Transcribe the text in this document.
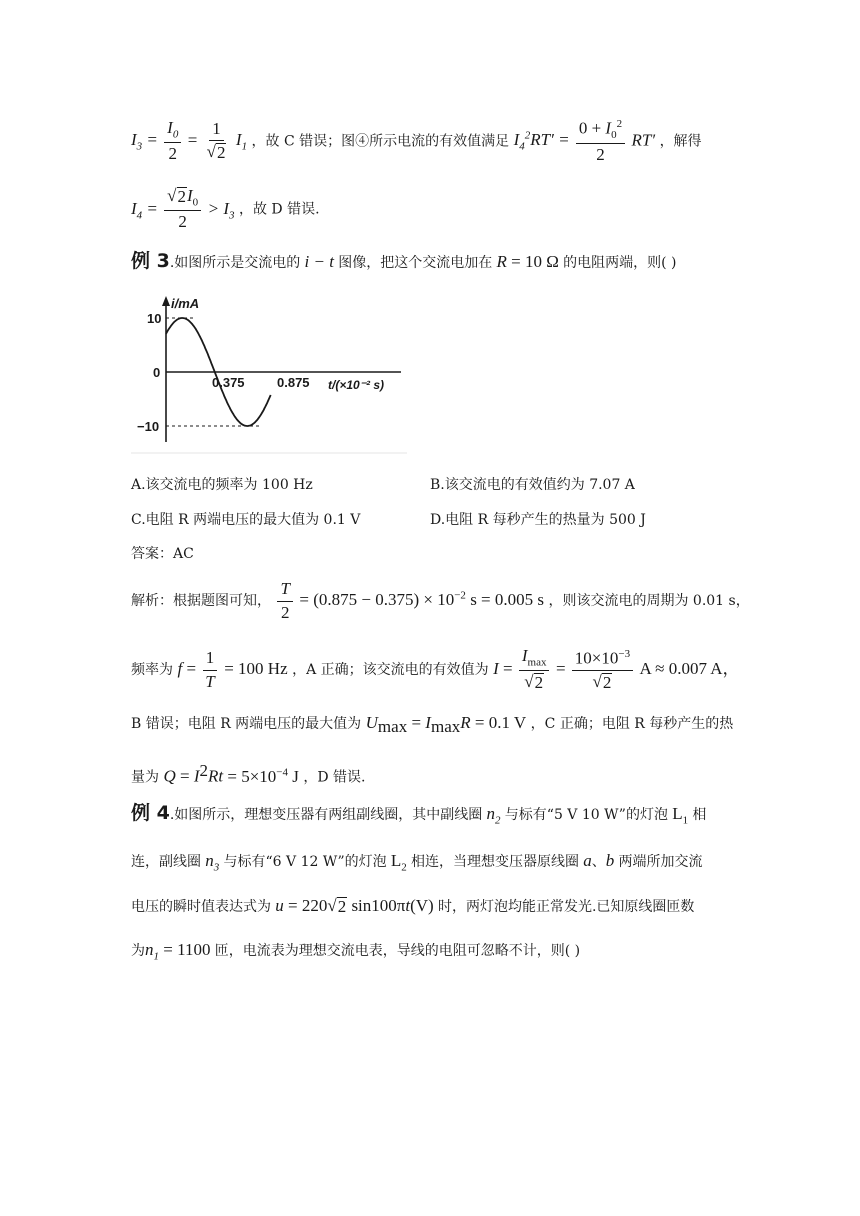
$I_3 = \frac{I_0}{2} = \frac{1}{√ 2} I_1$ ，故 C 错误；图④所示电流的有效值满足 $I_4^2RT' = \frac{0 + I_0^2}{2} RT'$ ，解得
$I_4 = \frac{√ 2 I_0}{2} > I_3$ ，故 D 错误.
例 3.如图所示是交流电的 i − t 图像，把这个交流电加在 R = 10 Ω 的电阻两端，则( )
i/mA
10
0
−10
0.375 0.875 t/(×10⁻² s)
A.该交流电的频率为 100 Hz	B.该交流电的有效值约为 7.07 A
C.电阻 R 两端电压的最大值为 0.1 V	D.电阻 R 每秒产生的热量为 500 J
答案：AC
解析：根据题图可知， $\frac{T}{2} = (0.875 - 0.375) \times 10^{-2}$ s = 0.005 s ，则该交流电的周期为 0.01 s，
频率为 $f = \frac{1}{T} = 100$ Hz ，A 正确；该交流电的有效值为 $I = \frac{I_{max}}{√ 2} = \frac{10\times 10^{-3}}{√ 2}$ A ≈ 0.007 A，
B 错误；电阻 R 两端电压的最大值为 $U_{max} = I_{max}R = 0.1$ V ，C 正确；电阻 R 每秒产生的热
量为 $Q = I^2Rt = 5\times 10^{-4}$ J ，D 错误.
例 4.如图所示，理想变压器有两组副线圈，其中副线圈 $n_2$ 与标有“5 V 10 W”的灯泡 $L_1$ 相
连，副线圈 $n_3$ 与标有“6 V 12 W”的灯泡 $L_2$ 相连，当理想变压器原线圈 a、b 两端所加交流
电压的瞬时值表达式为 u = 220√ 2 sin100πt(V) 时，两灯泡均能正常发光.已知原线圈匝数
为$n_1 = 1100$ 匝，电流表为理想交流电表，导线的电阻可忽略不计，则( )
